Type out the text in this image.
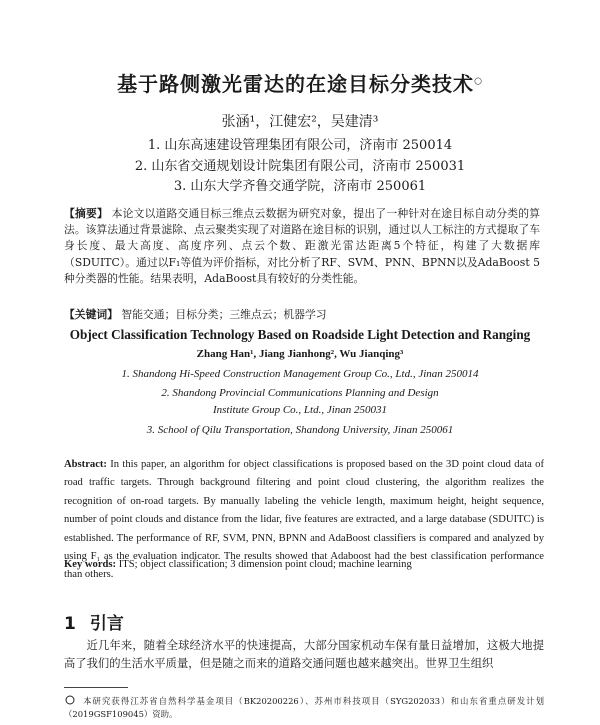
基于路侧激光雷达的在途目标分类技术○
张涵¹，江健宏²，吴建清³
1. 山东高速建设管理集团有限公司，济南市 250014
2. 山东省交通规划设计院集团有限公司，济南市 250031
3. 山东大学齐鲁交通学院，济南市 250061
【摘要】 本论文以道路交通目标三维点云数据为研究对象，提出了一种针对在途目标自动分类的算法。该算法通过背景滤除、点云聚类实现了对道路在途目标的识别，通过以人工标注的方式提取了车身长度、最大高度、高度序列、点云个数、距激光雷达距离5个特征，构建了大数据库（SDUITC）。通过以F₁等值为评价指标，对比分析了RF、SVM、PNN、BPNN以及AdaBoost 5种分类器的性能。结果表明，AdaBoost具有较好的分类性能。
【关键词】 智能交通；目标分类；三维点云；机器学习
Object Classification Technology Based on Roadside Light Detection and Ranging
Zhang Han¹, Jiang Jianhong², Wu Jianqing³
1. Shandong Hi-Speed Construction Management Group Co., Ltd., Jinan 250014
2. Shandong Provincial Communications Planning and Design
Institute Group Co., Ltd., Jinan 250031
3. School of Qilu Transportation, Shandong University, Jinan 250061
Abstract: In this paper, an algorithm for object classifications is proposed based on the 3D point cloud data of road traffic targets. Through background filtering and point cloud clustering, the algorithm realizes the recognition of on-road targets. By manually labeling the vehicle length, maximum height, height sequence, number of point clouds and distance from the lidar, five features are extracted, and a large database (SDUITC) is established. The performance of RF, SVM, PNN, BPNN and AdaBoost classifiers is compared and analyzed by using F₁ as the evaluation indicator. The results showed that Adaboost had the best classification performance than others.
Key words: ITS; object classification; 3 dimension point cloud; machine learning
1 引言
近几年来，随着全球经济水平的快速提高，大部分国家机动车保有量日益增加，这极大地提高了我们的生活水平质量，但是随之而来的道路交通问题也越来越突出。世界卫生组织
本研究获得江苏省自然科学基金项目（BK20200226）、苏州市科技项目（SYG202033）和山东省重点研发计划（2019GSF109045）资助。
